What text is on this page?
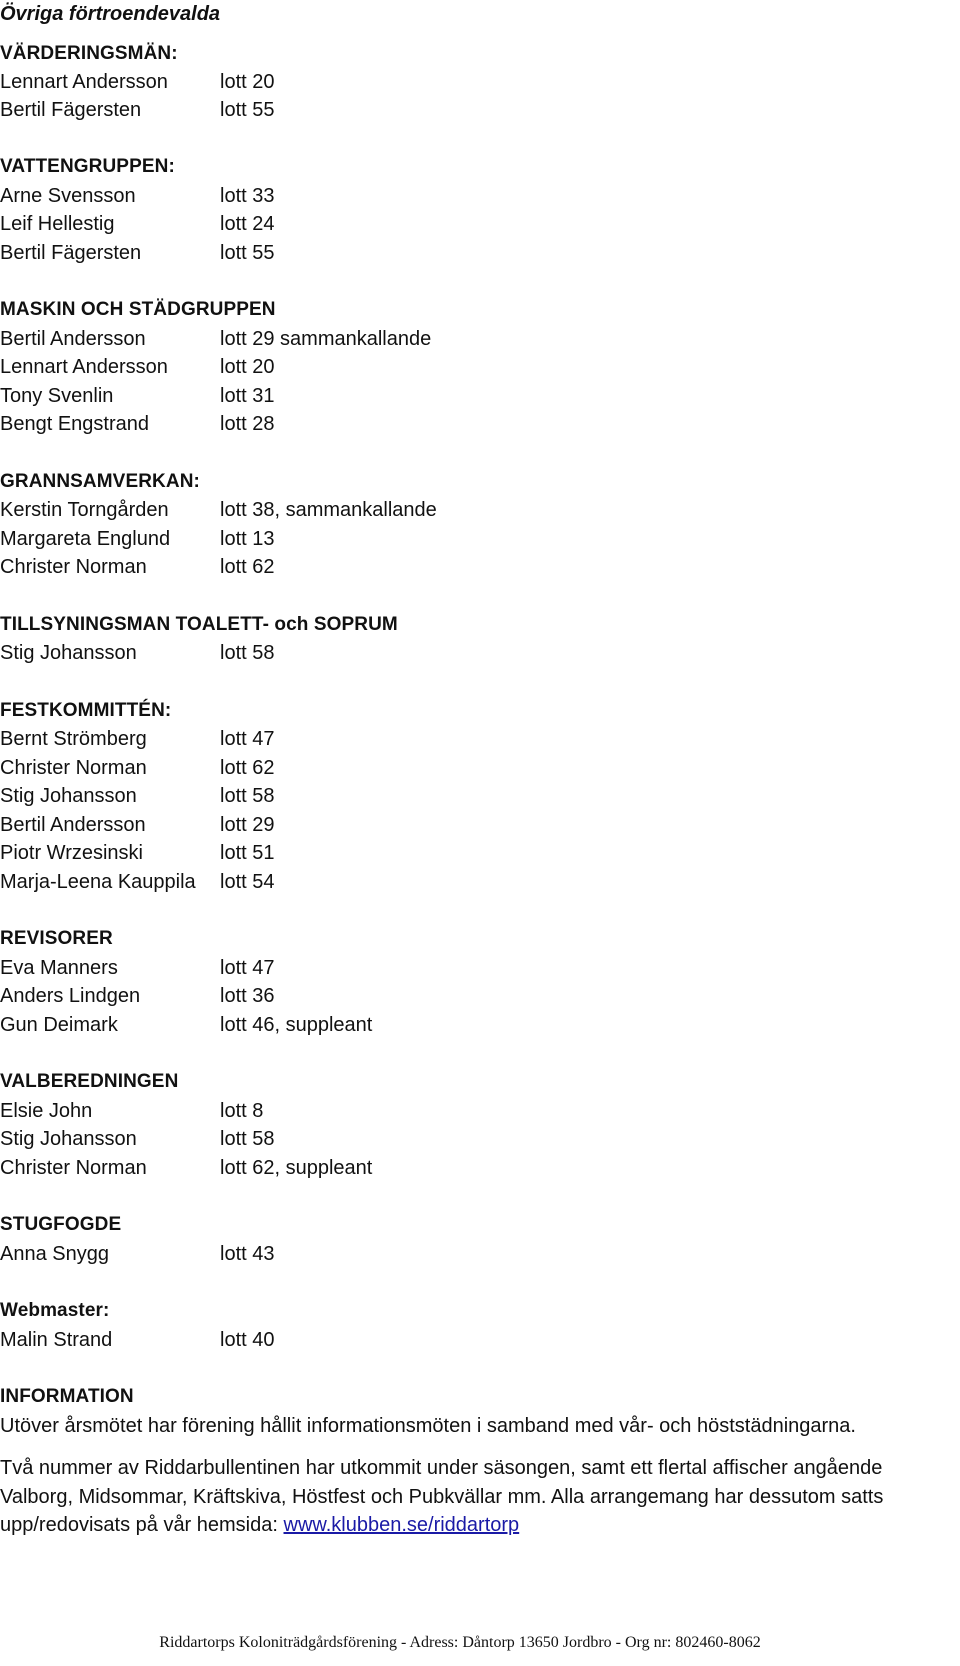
Övriga förtroendevalda
VÄRDERINGSMÄN:
Lennart Andersson	lott 20
Bertil Fägersten	lott 55
VATTENGRUPPEN:
Arne Svensson	lott 33
Leif Hellestig	lott 24
Bertil Fägersten	lott 55
MASKIN OCH STÄDGRUPPEN
Bertil Andersson	lott 29 sammankallande
Lennart Andersson	lott 20
Tony Svenlin	lott 31
Bengt Engstrand	lott 28
GRANNSAMVERKAN:
Kerstin Torngården	lott 38, sammankallande
Margareta Englund lott 13
Christer Norman	lott 62
TILLSYNINGSMAN TOALETT- och SOPRUM
Stig Johansson	lott 58
FESTKOMMITTÉN:
Bernt Strömberg	lott 47
Christer Norman	lott 62
Stig Johansson	lott 58
Bertil Andersson	lott 29
Piotr Wrzesinski	lott 51
Marja-Leena Kauppila lott 54
REVISORER
Eva Manners	lott 47
Anders Lindgen	lott 36
Gun Deimark	lott 46, suppleant
VALBEREDNINGEN
Elsie John	lott 8
Stig Johansson	lott 58
Christer Norman	lott 62, suppleant
STUGFOGDE
Anna Snygg	lott 43
Webmaster:
Malin Strand	lott 40
INFORMATION

Utöver årsmötet har förening hållit informationsmöten i samband med vår- och höststädningarna.

Två nummer av Riddarbullentinen har utkommit under säsongen, samt ett flertal affischer angående Valborg, Midsommar, Kräftskiva, Höstfest och Pubkvällar mm. Alla arrangemang har dessutom satts upp/redovisats på vår hemsida: www.klubben.se/riddartorp

Riddartorps Koloniträdgårdsförening - Adress: Dåntorp 13650 Jordbro - Org nr: 802460-8062
